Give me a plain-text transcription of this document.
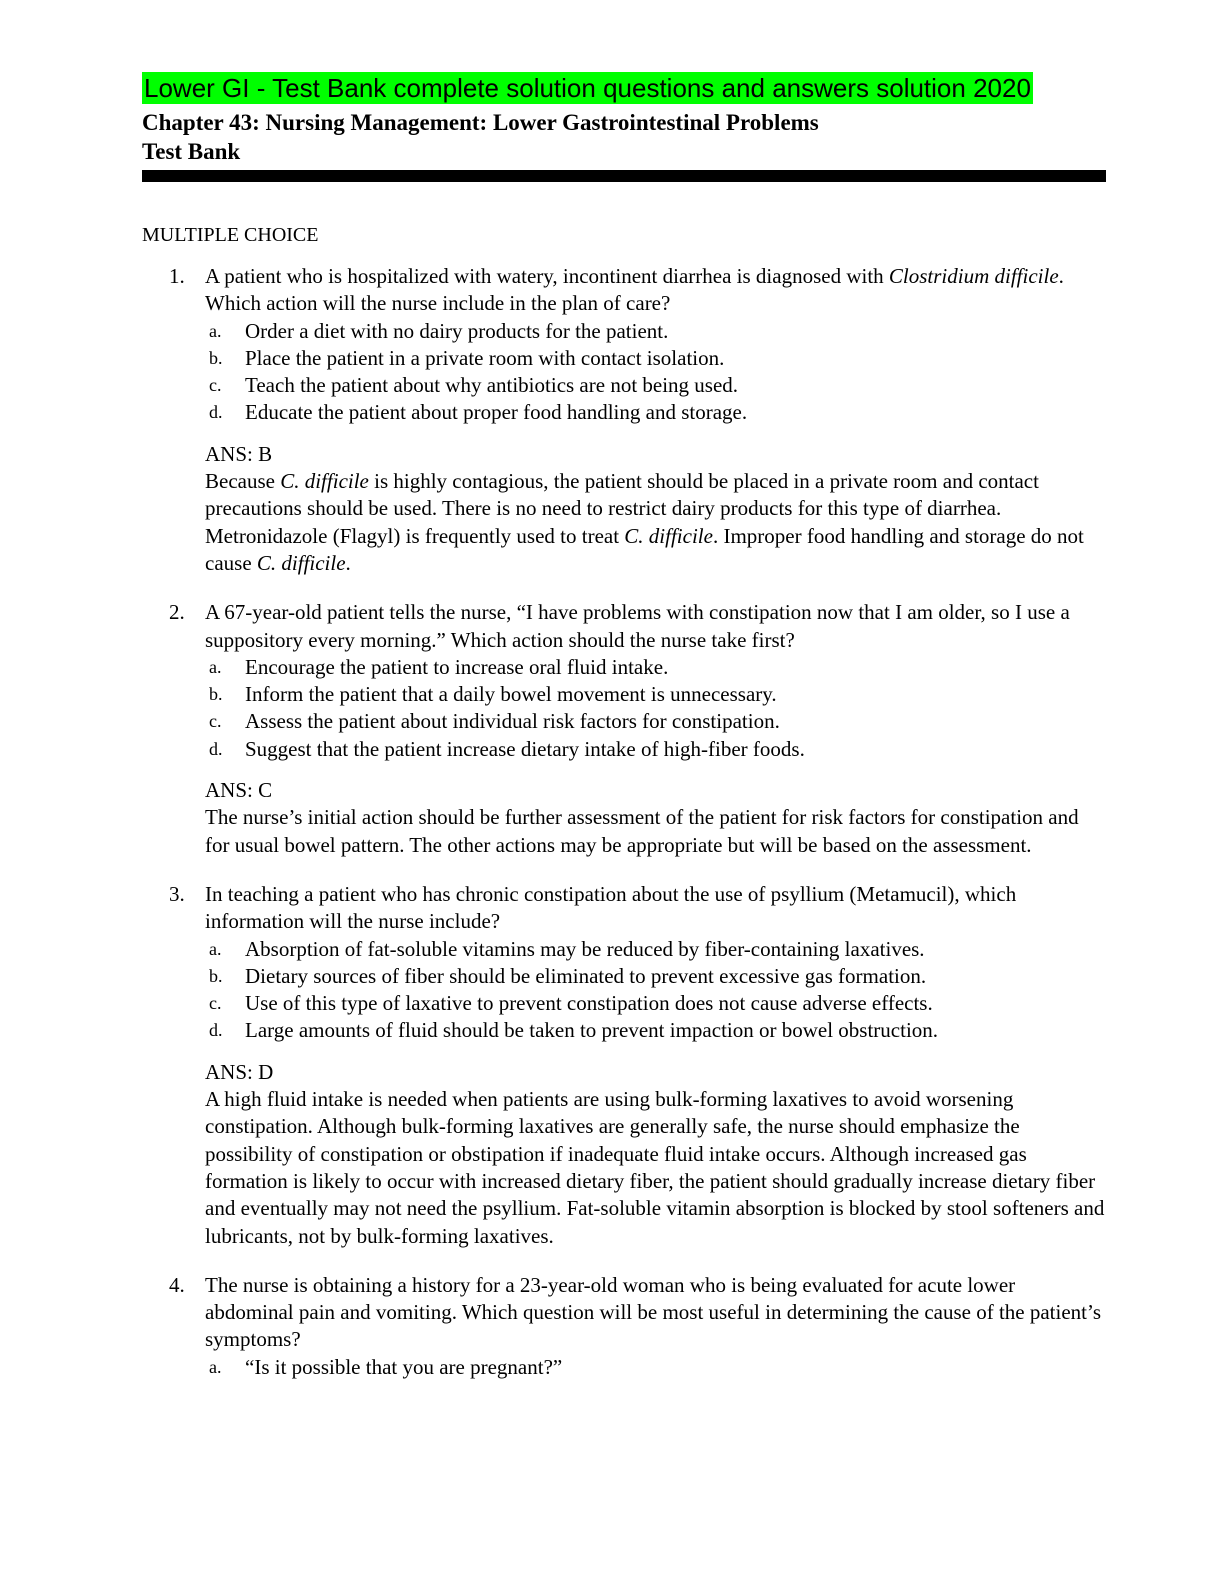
Lower GI - Test Bank complete solution questions and answers solution 2020
Chapter 43: Nursing Management: Lower Gastrointestinal Problems
Test Bank
MULTIPLE CHOICE
1. A patient who is hospitalized with watery, incontinent diarrhea is diagnosed with Clostridium difficile. Which action will the nurse include in the plan of care?
a. Order a diet with no dairy products for the patient.
b. Place the patient in a private room with contact isolation.
c. Teach the patient about why antibiotics are not being used.
d. Educate the patient about proper food handling and storage.
ANS: B
Because C. difficile is highly contagious, the patient should be placed in a private room and contact precautions should be used. There is no need to restrict dairy products for this type of diarrhea. Metronidazole (Flagyl) is frequently used to treat C. difficile. Improper food handling and storage do not cause C. difficile.
2. A 67-year-old patient tells the nurse, “I have problems with constipation now that I am older, so I use a suppository every morning.” Which action should the nurse take first?
a. Encourage the patient to increase oral fluid intake.
b. Inform the patient that a daily bowel movement is unnecessary.
c. Assess the patient about individual risk factors for constipation.
d. Suggest that the patient increase dietary intake of high-fiber foods.
ANS: C
The nurse’s initial action should be further assessment of the patient for risk factors for constipation and for usual bowel pattern. The other actions may be appropriate but will be based on the assessment.
3. In teaching a patient who has chronic constipation about the use of psyllium (Metamucil), which information will the nurse include?
a. Absorption of fat-soluble vitamins may be reduced by fiber-containing laxatives.
b. Dietary sources of fiber should be eliminated to prevent excessive gas formation.
c. Use of this type of laxative to prevent constipation does not cause adverse effects.
d. Large amounts of fluid should be taken to prevent impaction or bowel obstruction.
ANS: D
A high fluid intake is needed when patients are using bulk-forming laxatives to avoid worsening constipation. Although bulk-forming laxatives are generally safe, the nurse should emphasize the possibility of constipation or obstipation if inadequate fluid intake occurs. Although increased gas formation is likely to occur with increased dietary fiber, the patient should gradually increase dietary fiber and eventually may not need the psyllium. Fat-soluble vitamin absorption is blocked by stool softeners and lubricants, not by bulk-forming laxatives.
4. The nurse is obtaining a history for a 23-year-old woman who is being evaluated for acute lower abdominal pain and vomiting. Which question will be most useful in determining the cause of the patient’s symptoms?
a. “Is it possible that you are pregnant?”
